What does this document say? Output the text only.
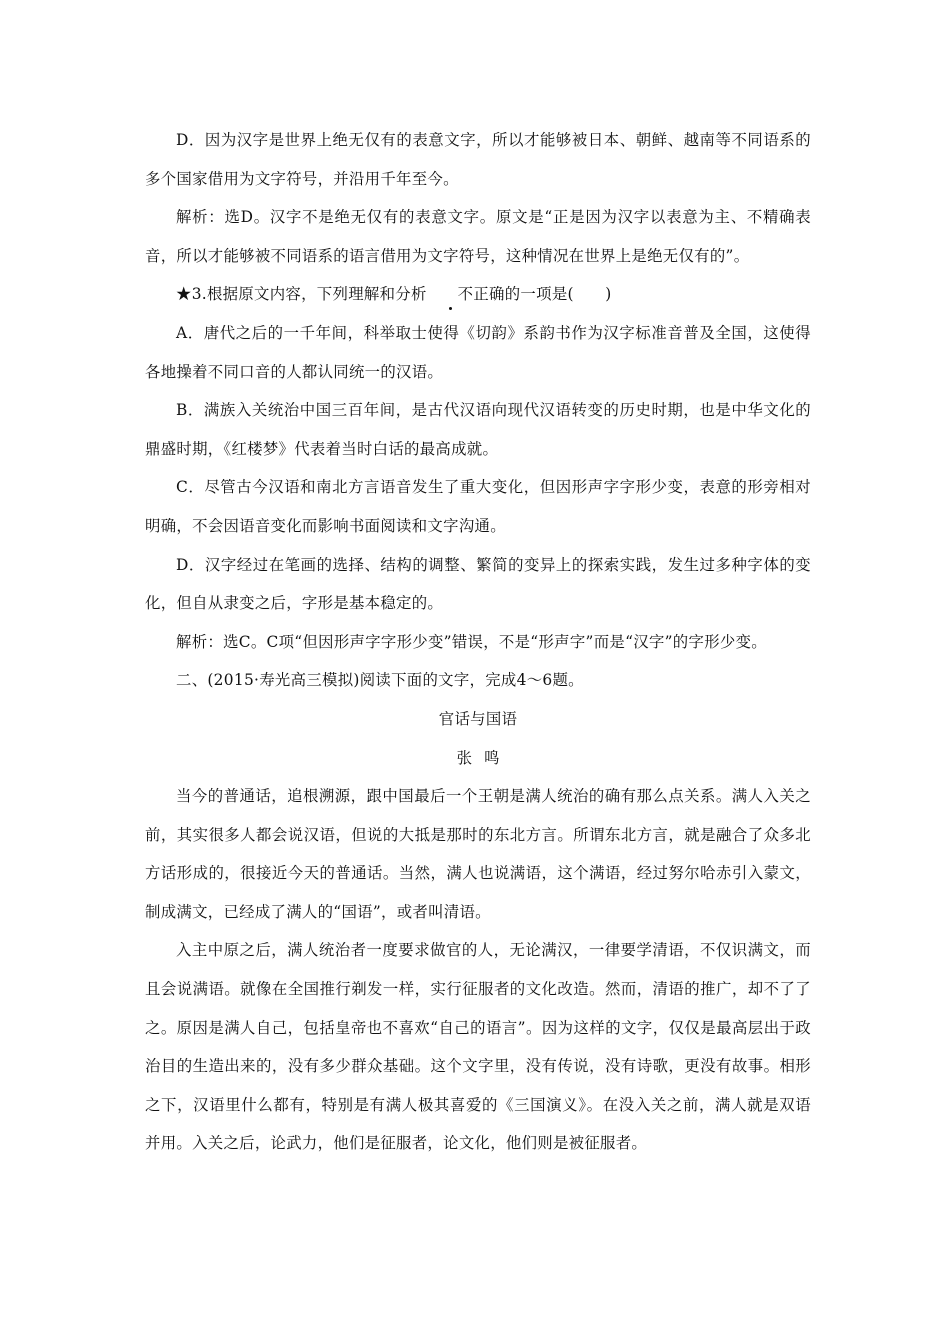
D．因为汉字是世界上绝无仅有的表意文字，所以才能够被日本、朝鲜、越南等不同语系的多个国家借用为文字符号，并沿用千年至今。

解析：选D。汉字不是绝无仅有的表意文字。原文是“正是因为汉字以表意为主、不精确表音，所以才能够被不同语系的语言借用为文字符号，这种情况在世界上是绝无仅有的”。

★3.根据原文内容，下列理解和分析 不正确的一项是(　　)

A．唐代之后的一千年间，科举取士使得《切韵》系韵书作为汉字标准音普及全国，这使得各地操着不同口音的人都认同统一的汉语。

B．满族入关统治中国三百年间，是古代汉语向现代汉语转变的历史时期，也是中华文化的鼎盛时期，《红楼梦》代表着当时白话的最高成就。

C．尽管古今汉语和南北方言语音发生了重大变化，但因形声字字形少变，表意的形旁相对明确，不会因语音变化而影响书面阅读和文字沟通。

D．汉字经过在笔画的选择、结构的调整、繁简的变异上的探索实践，发生过多种字体的变化，但自从隶变之后，字形是基本稳定的。

解析：选C。C项“但因形声字字形少变”错误，不是“形声字”而是“汉字”的字形少变。

二、(2015·寿光高三模拟)阅读下面的文字，完成4～6题。

官话与国语

张鸣

当今的普通话，追根溯源，跟中国最后一个王朝是满人统治的确有那么点关系。满人入关之前，其实很多人都会说汉语，但说的大抵是那时的东北方言。所谓东北方言，就是融合了众多北方话形成的，很接近今天的普通话。当然，满人也说满语，这个满语，经过努尔哈赤引入蒙文，制成满文，已经成了满人的“国语”，或者叫清语。

入主中原之后，满人统治者一度要求做官的人，无论满汉，一律要学清语，不仅识满文，而且会说满语。就像在全国推行剃发一样，实行征服者的文化改造。然而，清语的推广，却不了了之。原因是满人自己，包括皇帝也不喜欢“自己的语言”。因为这样的文字，仅仅是最高层出于政治目的生造出来的，没有多少群众基础。这个文字里，没有传说，没有诗歌，更没有故事。相形之下，汉语里什么都有，特别是有满人极其喜爱的《三国演义》。在没入关之前，满人就是双语并用。入关之后，论武力，他们是征服者，论文化，他们则是被征服者。
